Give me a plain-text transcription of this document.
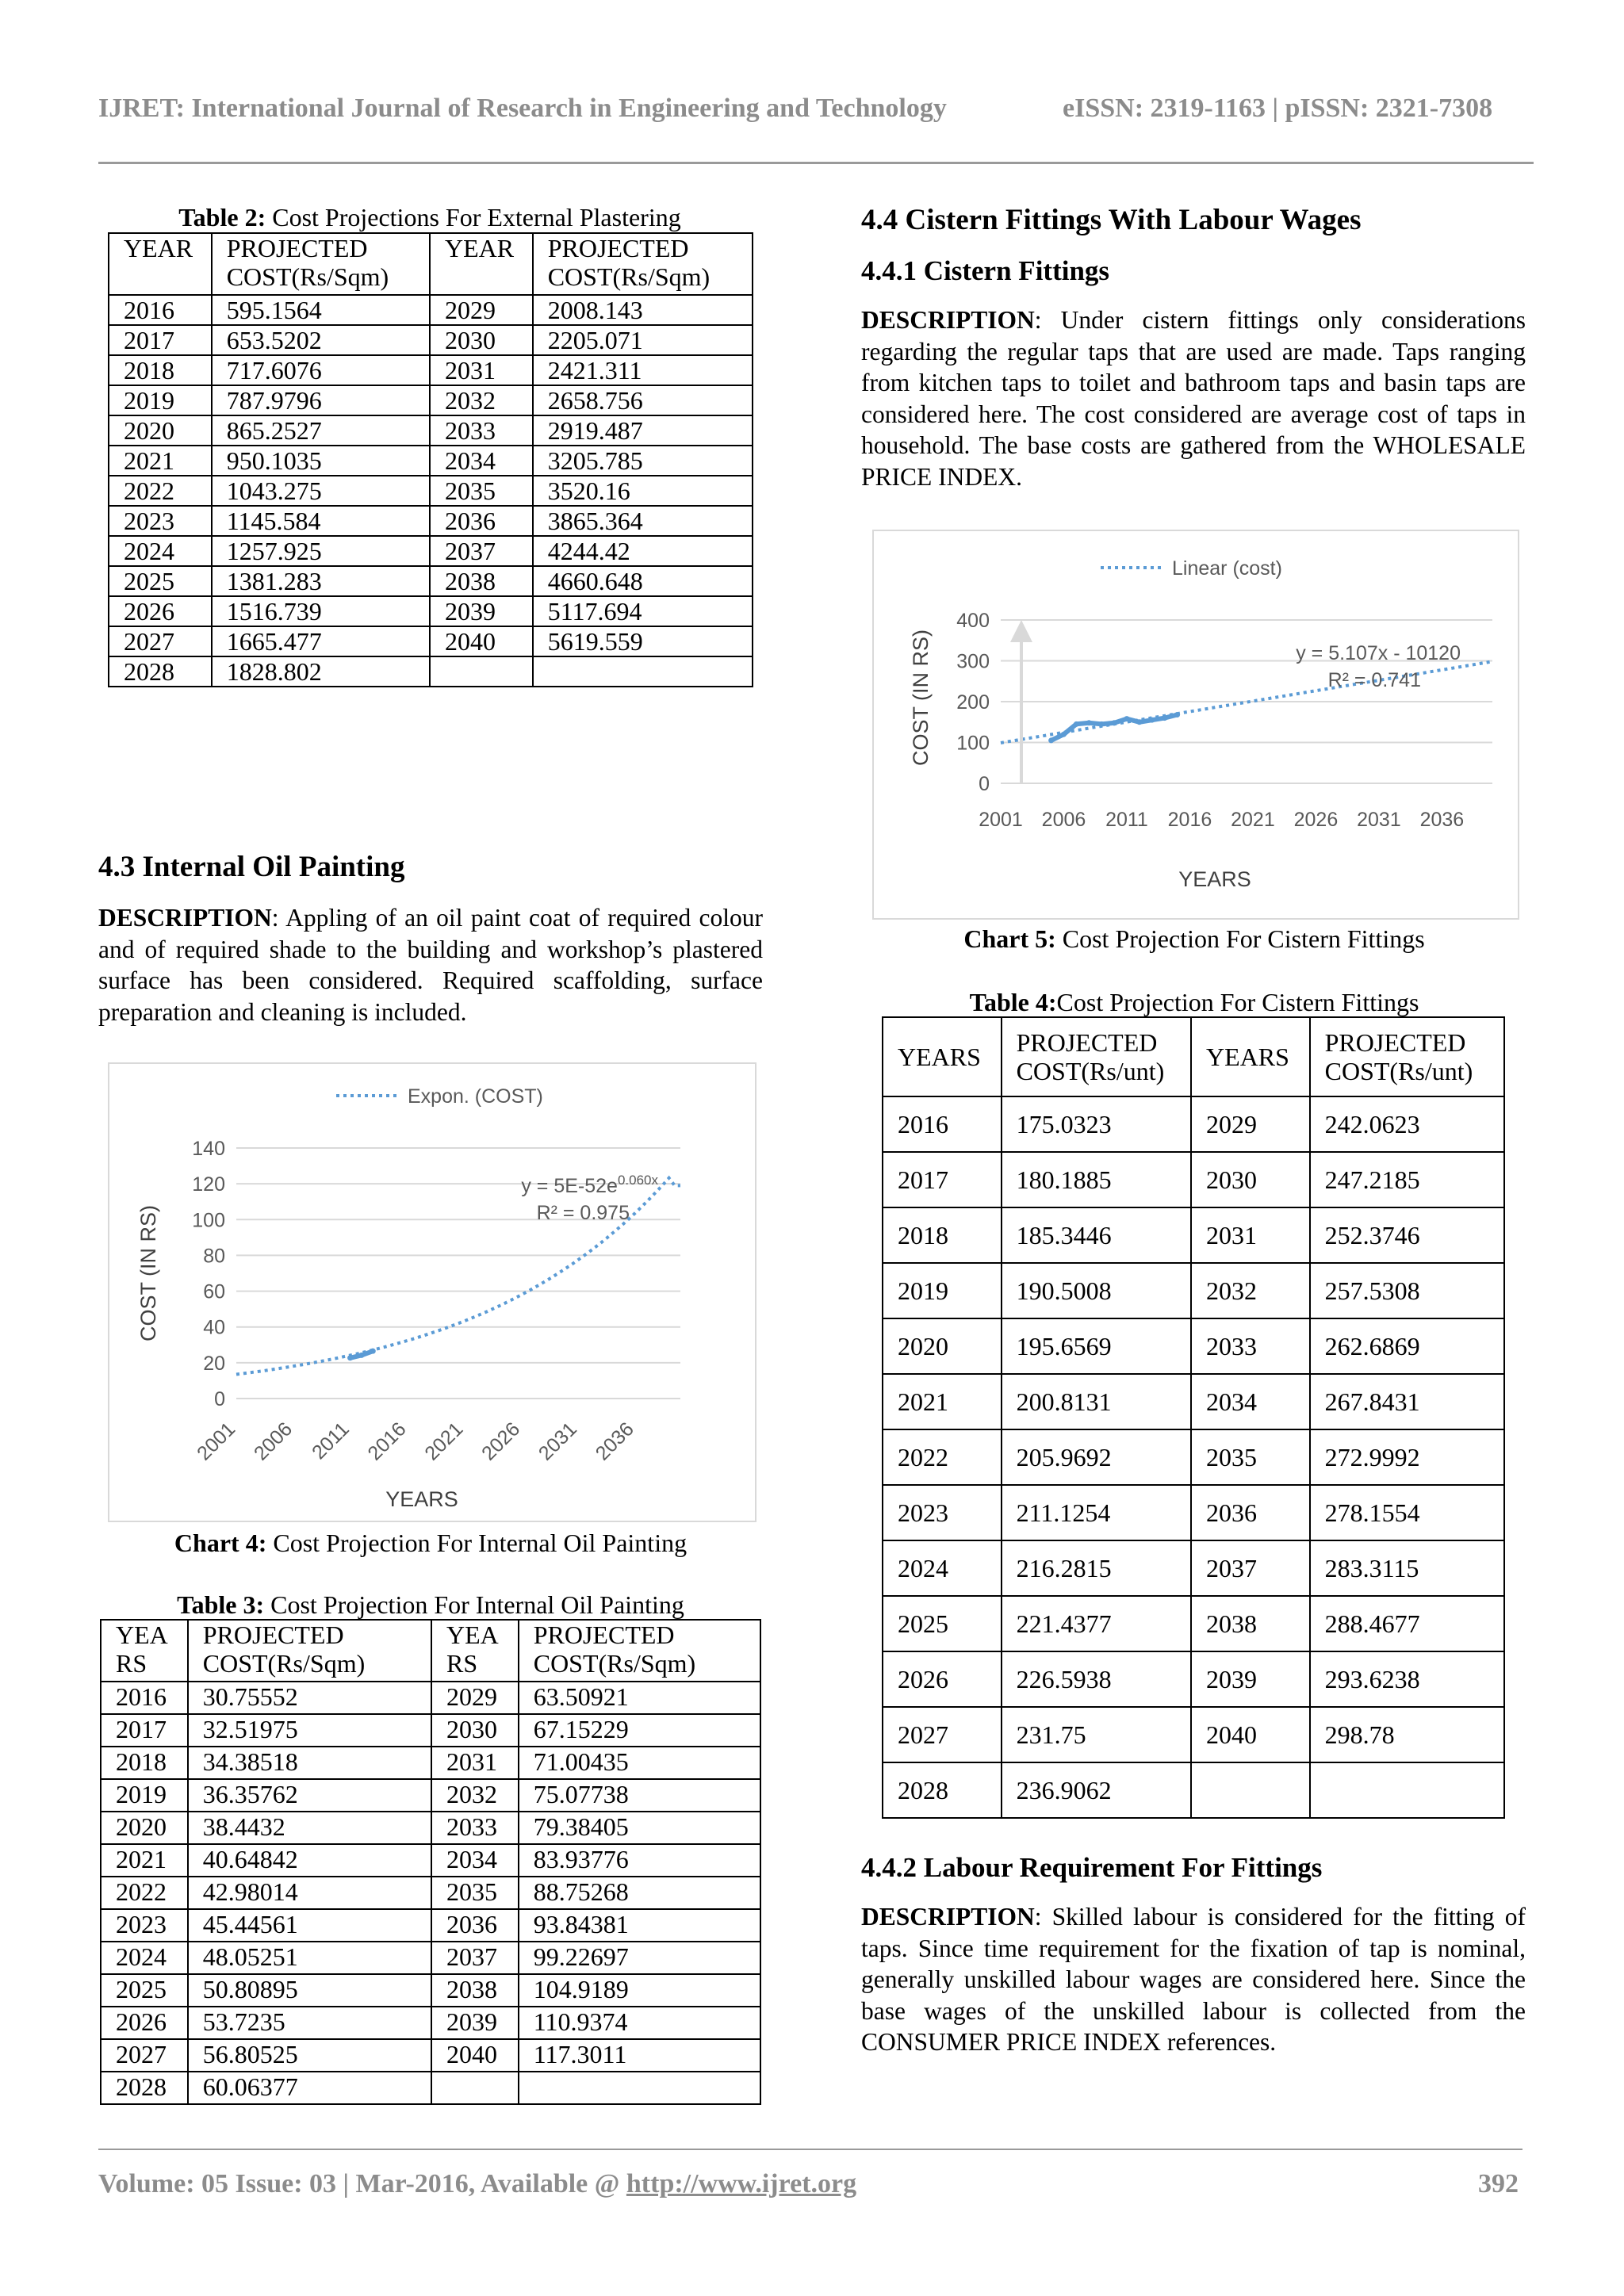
IJRET: International Journal of Research in Engineering and Technology	eISSN: 2319-1163 | pISSN: 2321-7308
Table 2: Cost Projections For External Plastering
YEAR	PROJECTED COST(Rs/Sqm)	YEAR	PROJECTED COST(Rs/Sqm)
2016	595.1564	2029	2008.143
2017	653.5202	2030	2205.071
2018	717.6076	2031	2421.311
2019	787.9796	2032	2658.756
2020	865.2527	2033	2919.487
2021	950.1035	2034	3205.785
2022	1043.275	2035	3520.16
2023	1145.584	2036	3865.364
2024	1257.925	2037	4244.42
2025	1381.283	2038	4660.648
2026	1516.739	2039	5117.694
2027	1665.477	2040	5619.559
2028	1828.802		
4.3 Internal Oil Painting
DESCRIPTION: Appling of an oil paint coat of required colour and of required shade to the building and workshop’s plastered surface has been considered. Required scaffolding, surface preparation and cleaning is included.
0
20
40
60
80
100
120
140
2001 2006 2011 2016 2021 2026 2031 2036
YEARS
COST (IN RS)
Expon. (COST)
$y = 5E-52e^{0.060x}$
R² = 0.975
Chart 4: Cost Projection For Internal Oil Painting
Table 3: Cost Projection For Internal Oil Painting
YEA RS	PROJECTED COST(Rs/Sqm)	YEA RS	PROJECTED COST(Rs/Sqm)
2016	30.75552	2029	63.50921
2017	32.51975	2030	67.15229
2018	34.38518	2031	71.00435
2019	36.35762	2032	75.07738
2020	38.4432	2033	79.38405
2021	40.64842	2034	83.93776
2022	42.98014	2035	88.75268
2023	45.44561	2036	93.84381
2024	48.05251	2037	99.22697
2025	50.80895	2038	104.9189
2026	53.7235	2039	110.9374
2027	56.80525	2040	117.3011
2028	60.06377		
4.4 Cistern Fittings With Labour Wages
4.4.1 Cistern Fittings
DESCRIPTION: Under cistern fittings only considerations regarding the regular taps that are used are made. Taps ranging from kitchen taps to toilet and bathroom taps and basin taps are considered here. The cost considered are average cost of taps in household. The base costs are gathered from the WHOLESALE PRICE INDEX.
0
100
200
300
400
2001 2006 2011 2016 2021 2026 2031 2036
YEARS
COST (IN RS)
Linear (cost)
y = 5.107x - 10120
R² = 0.741
Chart 5: Cost Projection For Cistern Fittings
Table 4:Cost Projection For Cistern Fittings
YEARS	PROJECTED COST(Rs/unt)	YEARS	PROJECTED COST(Rs/unt)
2016	175.0323	2029	242.0623
2017	180.1885	2030	247.2185
2018	185.3446	2031	252.3746
2019	190.5008	2032	257.5308
2020	195.6569	2033	262.6869
2021	200.8131	2034	267.8431
2022	205.9692	2035	272.9992
2023	211.1254	2036	278.1554
2024	216.2815	2037	283.3115
2025	221.4377	2038	288.4677
2026	226.5938	2039	293.6238
2027	231.75	2040	298.78
2028	236.9062		
4.4.2 Labour Requirement For Fittings
DESCRIPTION: Skilled labour is considered for the fitting of taps. Since time requirement for the fixation of tap is nominal, generally unskilled labour wages are considered here. Since the base wages of the unskilled labour is collected from the CONSUMER PRICE INDEX references.
Volume: 05 Issue: 03 | Mar-2016, Available @ http://www.ijret.org	392
